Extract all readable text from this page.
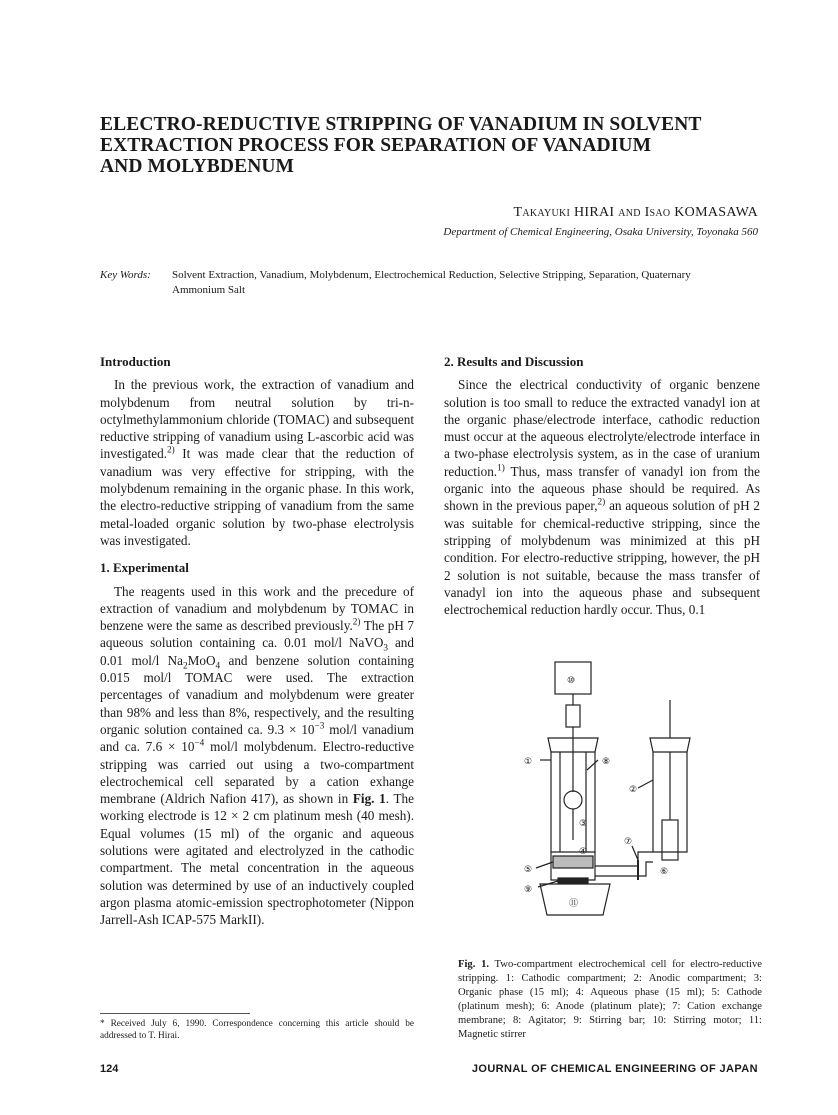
ELECTRO-REDUCTIVE STRIPPING OF VANADIUM IN SOLVENT
EXTRACTION PROCESS FOR SEPARATION OF VANADIUM
AND MOLYBDENUM
Takayuki HIRAI and Isao KOMASAWA
Department of Chemical Engineering, Osaka University, Toyonaka 560
Key Words: Solvent Extraction, Vanadium, Molybdenum, Electrochemical Reduction, Selective Stripping, Separation, Quaternary Ammonium Salt
Introduction

In the previous work, the extraction of vanadium and molybdenum from neutral solution by tri-n-octylmethylammonium chloride (TOMAC) and subsequent reductive stripping of vanadium using L-ascorbic acid was investigated.$^{2)}$ It was made clear that the reduction of vanadium was very effective for stripping, with the molybdenum remaining in the organic phase. In this work, the electro-reductive stripping of vanadium from the same metal-loaded organic solution by two-phase electrolysis was investigated.

1. Experimental

The reagents used in this work and the precedure of extraction of vanadium and molybdenum by TOMAC in benzene were the same as described previously.$^{2)}$ The pH 7 aqueous solution containing ca. 0.01 mol/l NaVO$_3$ and 0.01 mol/l $Na_2MoO_4$ and benzene solution containing 0.015 mol/l TOMAC were used. The extraction percentages of vanadium and molybdenum were greater than 98% and less than 8%, respectively, and the resulting organic solution contained ca. $9.3 \times 10^{-3}$ mol/l vanadium and ca. $7.6 \times 10^{-4}$ mol/l molybdenum. Electro-reductive stripping was carried out using a two-compartment electrochemical cell separated by a cation exhange membrane (Aldrich Nafion 417), as shown in Fig. 1. The working electrode is 12 × 2 cm platinum mesh (40 mesh). Equal volumes (15 ml) of the organic and aqueous solutions were agitated and electrolyzed in the cathodic compartment. The metal concentration in the aqueous solution was determined by use of an inductively coupled argon plasma atomic-emission spectrophotometer (Nippon Jarrell-Ash ICAP-575 MarkII).

2. Results and Discussion

Since the electrical conductivity of organic benzene solution is too small to reduce the extracted vanadyl ion at the organic phase/electrode interface, cathodic reduction must occur at the aqueous electrolyte/electrode interface in a two-phase electrolysis system, as in the case of uranium reduction.$^{1)}$ Thus, mass transfer of vanadyl ion from the organic into the aqueous phase should be required. As shown in the previous paper,$^{2)}$ an aqueous solution of pH 2 was suitable for chemical-reductive stripping, since the stripping of molybdenum was minimized at this pH condition. For electro-reductive stripping, however, the pH 2 solution is not suitable, because the mass transfer of vanadyl ion into the aqueous phase and subsequent electrochemical reduction hardly occur. Thus, 0.1

⑩
①	⑧
②
③
⑦
④
⑥
⑤
⑨
⑪
Fig. 1. Two-compartment electrochemical cell for electro-reductive stripping. 1: Cathodic compartment; 2: Anodic compartment; 3: Organic phase (15 ml); 4: Aqueous phase (15 ml); 5: Cathode (platinum mesh); 6: Anode (platinum plate); 7: Cation exchange membrane; 8: Agitator; 9: Stirring bar; 10: Stirring motor; 11: Magnetic stirrer
* Received July 6, 1990. Correspondence concerning this article should be addressed to T. Hirai.
124	JOURNAL OF CHEMICAL ENGINEERING OF JAPAN
